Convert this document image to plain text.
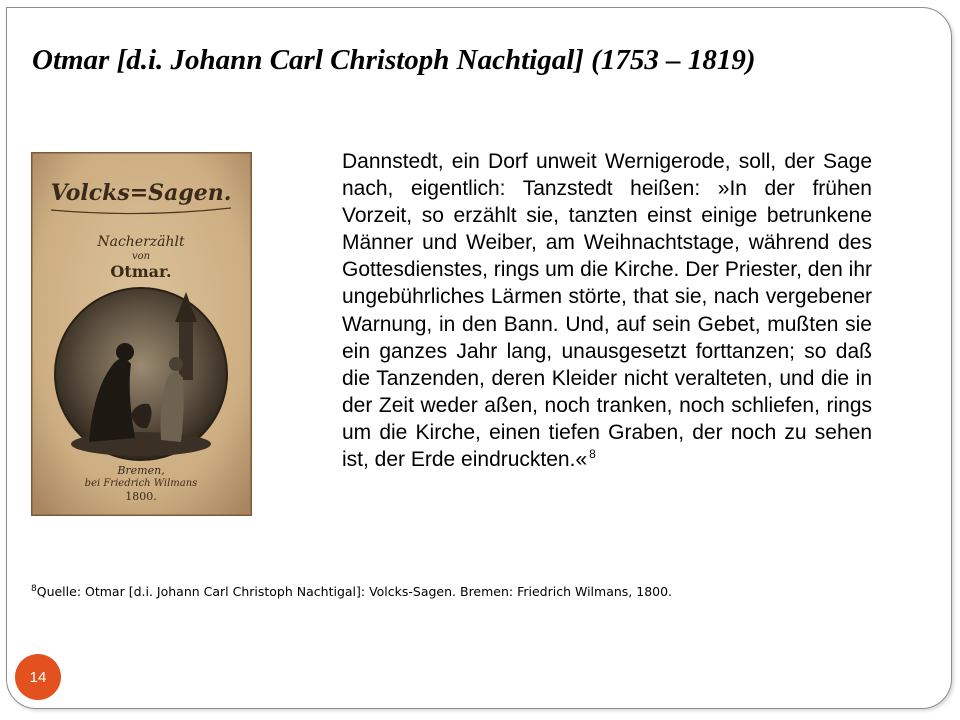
Otmar [d.i. Johann Carl Christoph Nachtigal] (1753 – 1819)
Volcks=Sagen.
Nacherzählt
von
Otmar.
Bremen,
bei Friedrich Wilmans
1800.

Dannstedt, ein Dorf unweit Wernigerode, soll, der Sage nach, eigentlich: Tanzstedt heißen: »In der frühen Vorzeit, so erzählt sie, tanzten einst einige betrunkene Männer und Weiber, am Weihnachtstage, während des Gottesdienstes, rings um die Kirche. Der Priester, den ihr ungebührliches Lärmen störte, that sie, nach vergebener Warnung, in den Bann. Und, auf sein Gebet, mußten sie ein ganzes Jahr lang, unausgesetzt forttanzen; so daß die Tanzenden, deren Kleider nicht veralteten, und die in der Zeit weder aßen, noch tranken, noch schliefen, rings um die Kirche, einen tiefen Graben, der noch zu sehen ist, der Erde eindruckten.« $^8$

$^8$Quelle: Otmar [d.i. Johann Carl Christoph Nachtigal]: Volcks-Sagen. Bremen: Friedrich Wilmans, 1800.

14
